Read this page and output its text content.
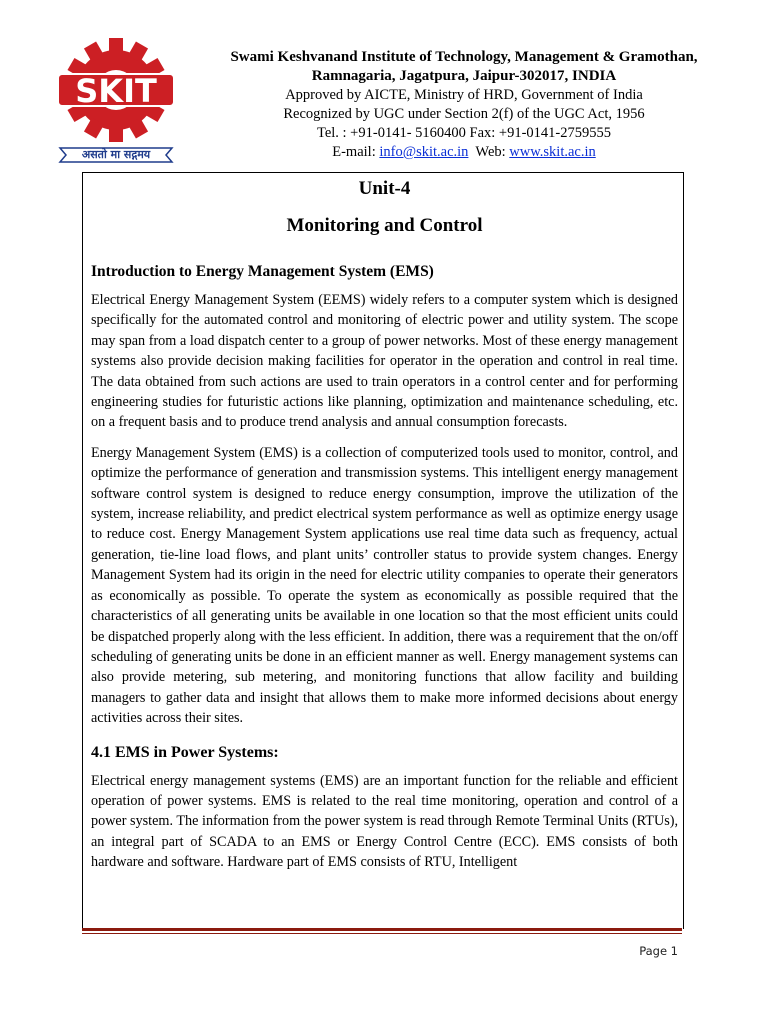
SKIT
असतो मा सद्गमय
Swami Keshvanand Institute of Technology, Management & Gramothan,
Ramnagaria, Jagatpura, Jaipur-302017, INDIA
Approved by AICTE, Ministry of HRD, Government of India
Recognized by UGC under Section 2(f) of the UGC Act, 1956
Tel. : +91-0141- 5160400 Fax: +91-0141-2759555
E-mail: info@skit.ac.in Web: www.skit.ac.in
Unit-4
Monitoring and Control
Introduction to Energy Management System (EMS)

Electrical Energy Management System (EEMS) widely refers to a computer system which is designed specifically for the automated control and monitoring of electric power and utility system. The scope may span from a load dispatch center to a group of power networks. Most of these energy management systems also provide decision making facilities for operator in the operation and control in real time. The data obtained from such actions are used to train operators in a control center and for performing engineering studies for futuristic actions like planning, optimization and maintenance scheduling, etc. on a frequent basis and to produce trend analysis and annual consumption forecasts.

Energy Management System (EMS) is a collection of computerized tools used to monitor, control, and optimize the performance of generation and transmission systems. This intelligent energy management software control system is designed to reduce energy consumption, improve the utilization of the system, increase reliability, and predict electrical system performance as well as optimize energy usage to reduce cost. Energy Management System applications use real time data such as frequency, actual generation, tie-line load flows, and plant units’ controller status to provide system changes. Energy Management System had its origin in the need for electric utility companies to operate their generators as economically as possible. To operate the system as economically as possible required that the characteristics of all generating units be available in one location so that the most efficient units could be dispatched properly along with the less efficient. In addition, there was a requirement that the on/off scheduling of generating units be done in an efficient manner as well. Energy management systems can also provide metering, sub metering, and monitoring functions that allow facility and building managers to gather data and insight that allows them to make more informed decisions about energy activities across their sites.

4.1 EMS in Power Systems:

Electrical energy management systems (EMS) are an important function for the reliable and efficient operation of power systems. EMS is related to the real time monitoring, operation and control of a power system. The information from the power system is read through Remote Terminal Units (RTUs), an integral part of SCADA to an EMS or Energy Control Centre (ECC). EMS consists of both hardware and software. Hardware part of EMS consists of RTU, Intelligent

Page 1
